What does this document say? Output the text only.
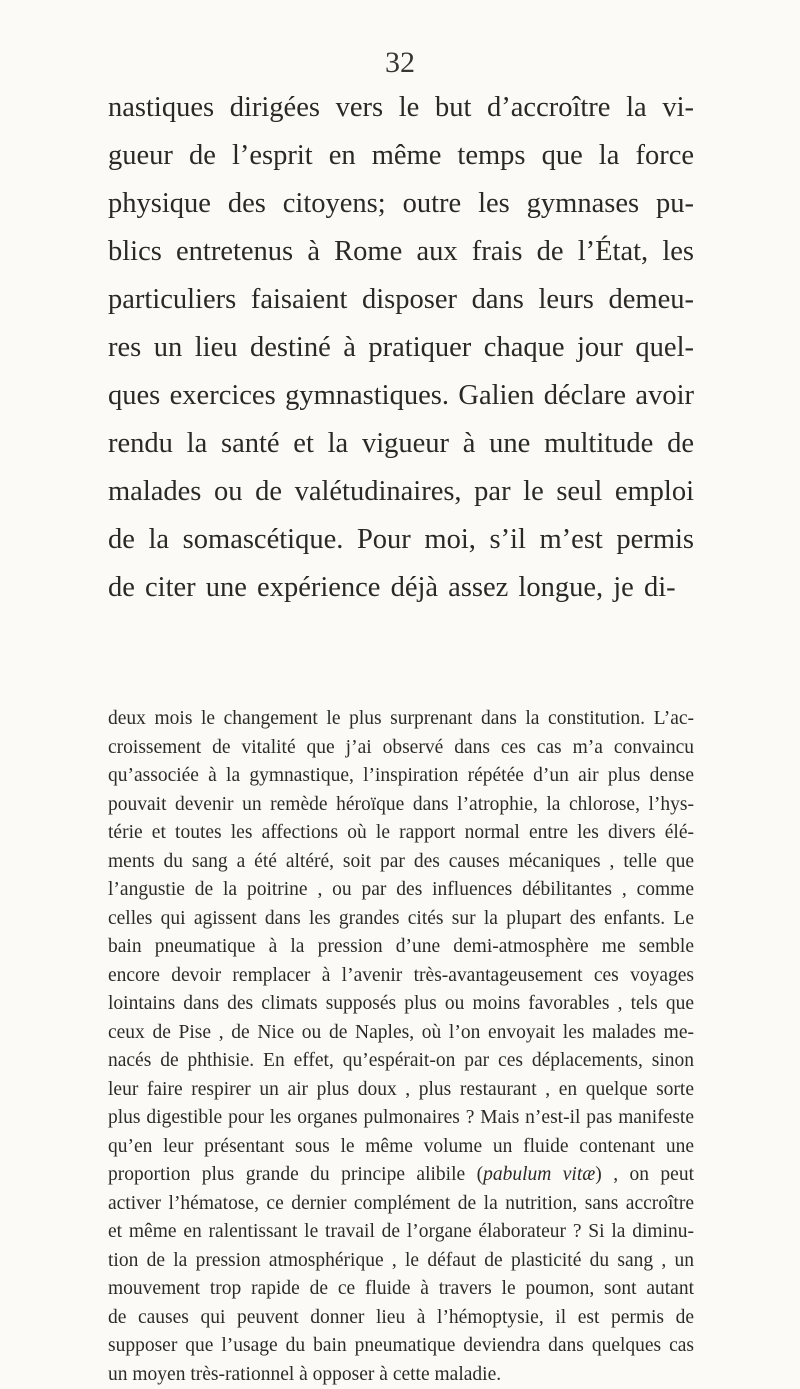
32
nastiques dirigées vers le but d’accroître la vi-
gueur de l’esprit en même temps que la force
physique des citoyens; outre les gymnases pu-
blics entretenus à Rome aux frais de l’État, les
particuliers faisaient disposer dans leurs demeu-
res un lieu destiné à pratiquer chaque jour quel-
ques exercices gymnastiques. Galien déclare avoir
rendu la santé et la vigueur à une multitude de
malades ou de valétudinaires, par le seul emploi
de la somascétique. Pour moi, s’il m’est permis
de citer une expérience déjà assez longue, je di-
deux mois le changement le plus surprenant dans la constitution. L’ac-
croissement de vitalité que j’ai observé dans ces cas m’a convaincu
qu’associée à la gymnastique, l’inspiration répétée d’un air plus dense
pouvait devenir un remède héroïque dans l’atrophie, la chlorose, l’hys-
térie et toutes les affections où le rapport normal entre les divers élé-
ments du sang a été altéré, soit par des causes mécaniques , telle que
l’angustie de la poitrine , ou par des influences débilitantes , comme
celles qui agissent dans les grandes cités sur la plupart des enfants. Le
bain pneumatique à la pression d’une demi-atmosphère me semble
encore devoir remplacer à l’avenir très-avantageusement ces voyages
lointains dans des climats supposés plus ou moins favorables , tels que
ceux de Pise , de Nice ou de Naples, où l’on envoyait les malades me-
nacés de phthisie. En effet, qu’espérait-on par ces déplacements, sinon
leur faire respirer un air plus doux , plus restaurant , en quelque sorte
plus digestible pour les organes pulmonaires ? Mais n’est-il pas manifeste
qu’en leur présentant sous le même volume un fluide contenant une
proportion plus grande du principe alibile (pabulum vitæ) , on peut
activer l’hématose, ce dernier complément de la nutrition, sans accroître
et même en ralentissant le travail de l’organe élaborateur ? Si la diminu-
tion de la pression atmosphérique , le défaut de plasticité du sang , un
mouvement trop rapide de ce fluide à travers le poumon, sont autant
de causes qui peuvent donner lieu à l’hémoptysie, il est permis de
supposer que l’usage du bain pneumatique deviendra dans quelques cas
un moyen très-rationnel à opposer à cette maladie.
